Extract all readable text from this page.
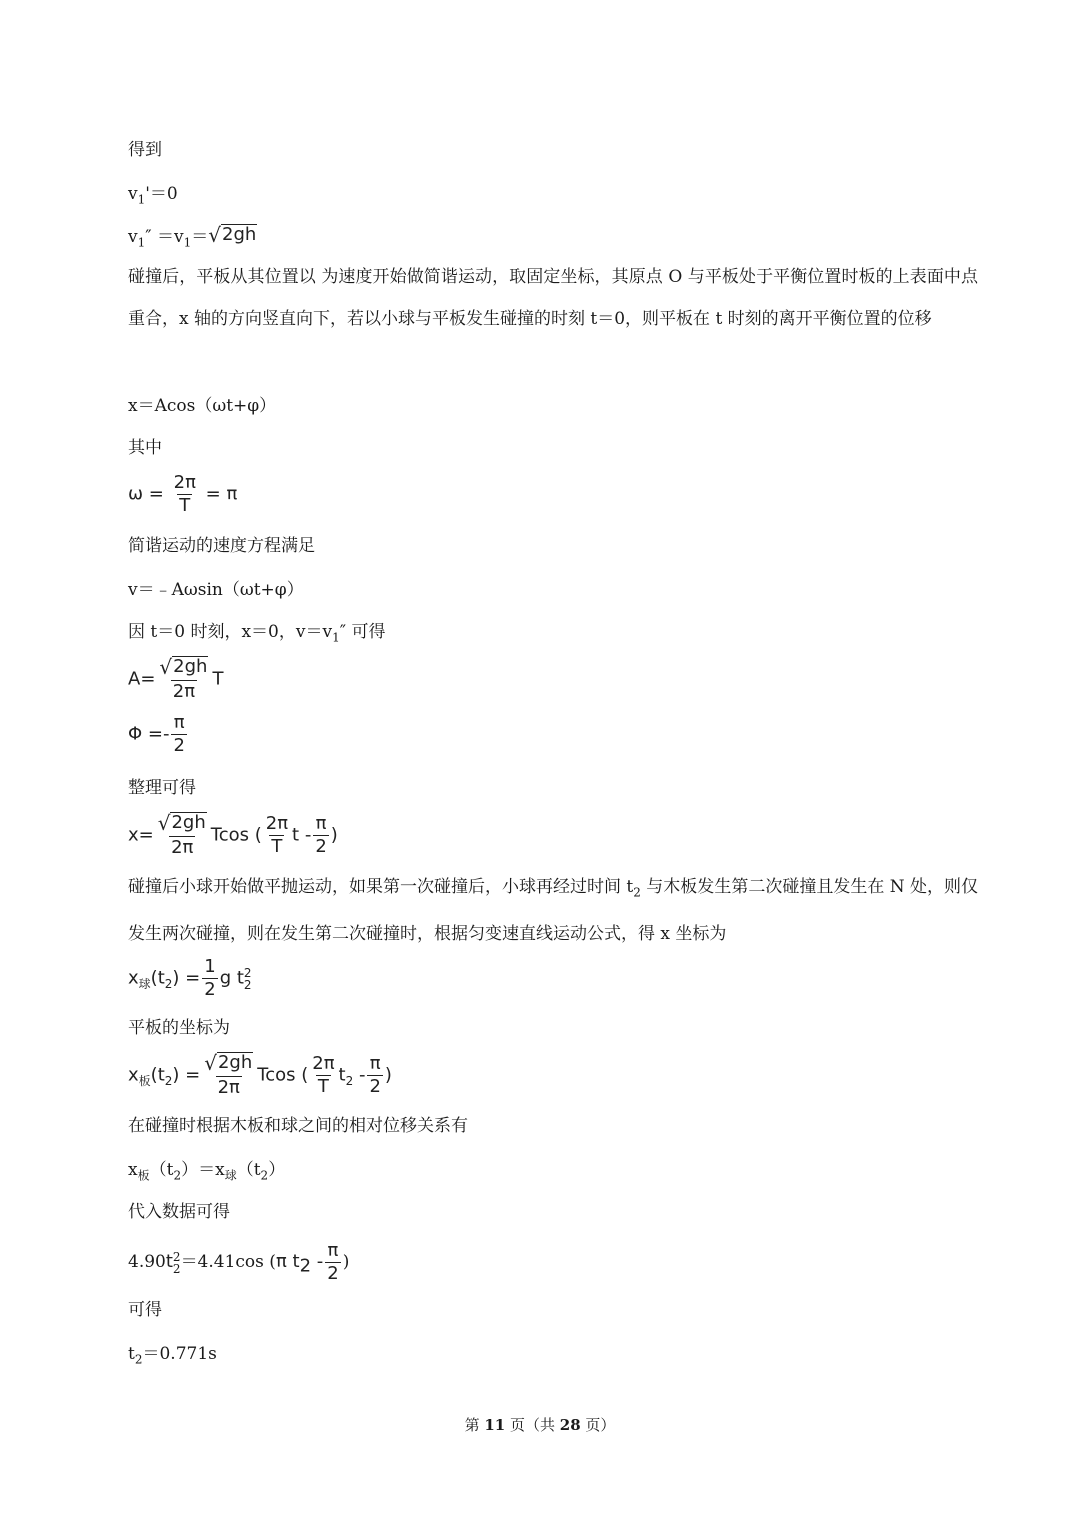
得到
$v_1'=0$
$v_1'' =v_1=$ √ 2gh
碰撞后，平板从其位置以 为速度开始做简谐运动，取固定坐标，其原点 O 与平板处于平衡位置时板的上表面中点重合，x 轴的方向竖直向下，若以小球与平板发生碰撞的时刻 t＝0，则平板在 t 时刻的离开平衡位置的位移
x＝Acos（ωt+φ）
其中
$\omega = \frac{2\pi}{T} = \pi$
简谐运动的速度方程满足
v＝﹣Aωsin（ωt+φ）
因 t＝0 时刻，x＝0，$v=v_1''$ 可得
$A= \frac{√ 2gh}{2\pi}$ T
$\Phi =- \frac{\pi}{2}$
整理可得
$x= \frac{√ 2gh}{2\pi}$ Tcos ( $\frac{2\pi}{T}$ t - $\frac{\pi}{2}$ )
碰撞后小球开始做平抛运动，如果第一次碰撞后，小球再经过时间 $t_2$ 与木板发生第二次碰撞且发生在 N 处，则仅发生两次碰撞，则在发生第二次碰撞时，根据匀变速直线运动公式，得 x 坐标为
$x_球(t_2) = \frac{1}{2}$ g t 2
2
平板的坐标为
$x_板(t_2) = \frac{√ 2gh}{2\pi}$ Tcos ( $\frac{2\pi}{T} t_2 - \frac{\pi}{2}$ )
在碰撞时根据木板和球之间的相对位移关系有
$x_板(t_2)=x_球(t_2)$
代入数据可得
4.90t 2
2 ＝4.41cos (π $t_2 - \frac{\pi}{2}$ )
可得
$t_2=0.771s$
第 11 页（共 28 页）
